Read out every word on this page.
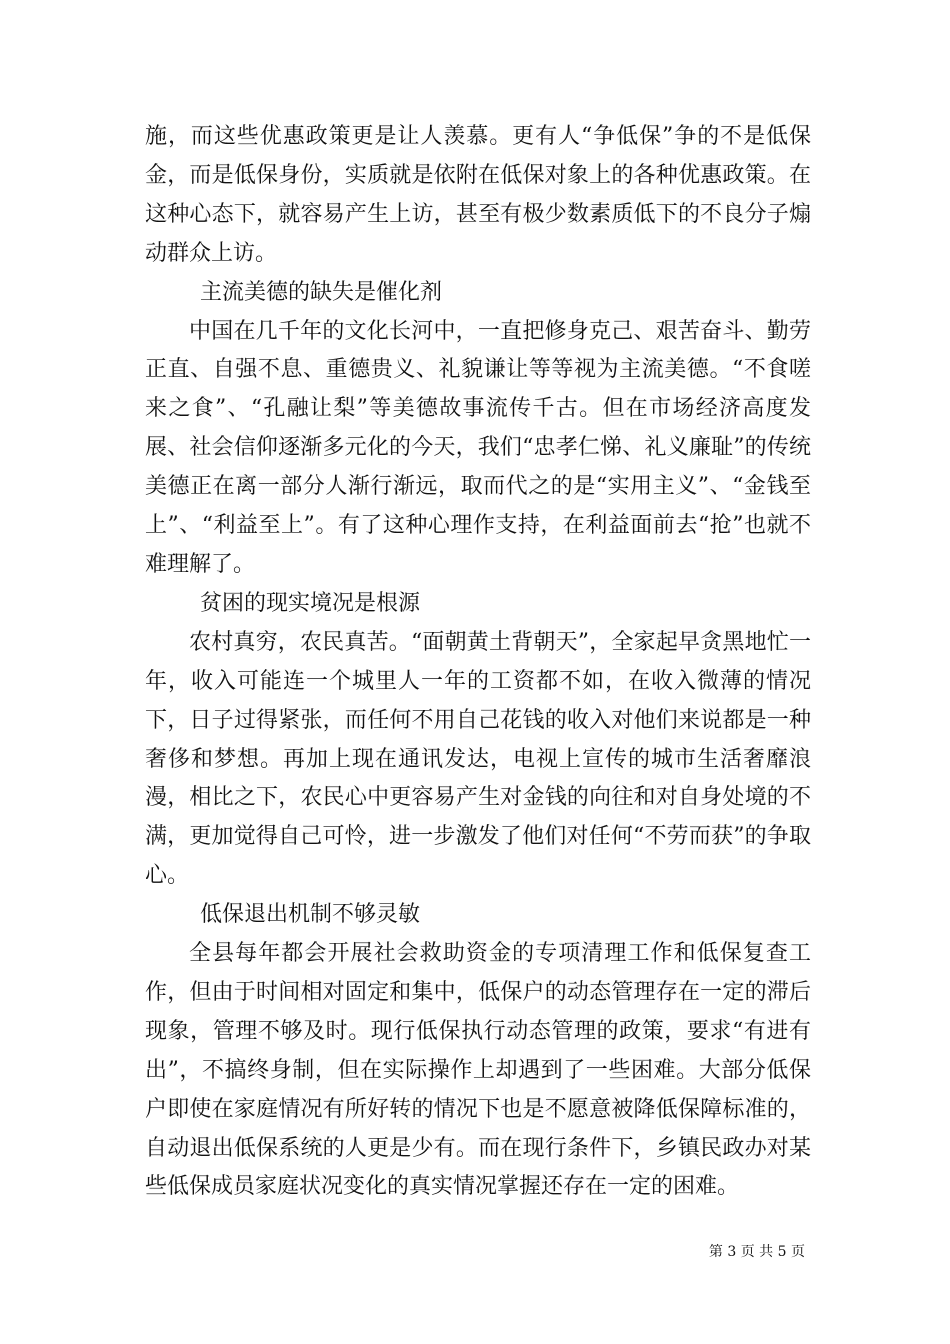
施，而这些优惠政策更是让人羡慕。更有人“争低保”争的不是低保金，而是低保身份，实质就是依附在低保对象上的各种优惠政策。在这种心态下，就容易产生上访，甚至有极少数素质低下的不良分子煽动群众上访。

主流美德的缺失是催化剂

中国在几千年的文化长河中，一直把修身克己、艰苦奋斗、勤劳正直、自强不息、重德贵义、礼貌谦让等等视为主流美德。“不食嗟来之食”、“孔融让梨”等美德故事流传千古。但在市场经济高度发展、社会信仰逐渐多元化的今天，我们“忠孝仁悌、礼义廉耻”的传统美德正在离一部分人渐行渐远，取而代之的是“实用主义”、“金钱至上”、“利益至上”。有了这种心理作支持，在利益面前去“抢”也就不难理解了。

贫困的现实境况是根源

农村真穷，农民真苦。“面朝黄土背朝天”，全家起早贪黑地忙一年，收入可能连一个城里人一年的工资都不如，在收入微薄的情况下，日子过得紧张，而任何不用自己花钱的收入对他们来说都是一种奢侈和梦想。再加上现在通讯发达，电视上宣传的城市生活奢靡浪漫，相比之下，农民心中更容易产生对金钱的向往和对自身处境的不满，更加觉得自己可怜，进一步激发了他们对任何“不劳而获”的争取心。

低保退出机制不够灵敏

全县每年都会开展社会救助资金的专项清理工作和低保复查工作，但由于时间相对固定和集中，低保户的动态管理存在一定的滞后现象，管理不够及时。现行低保执行动态管理的政策，要求“有进有出”，不搞终身制，但在实际操作上却遇到了一些困难。大部分低保户即使在家庭情况有所好转的情况下也是不愿意被降低保障标准的，自动退出低保系统的人更是少有。而在现行条件下，乡镇民政办对某些低保成员家庭状况变化的真实情况掌握还存在一定的困难。

第 3 页 共 5 页
